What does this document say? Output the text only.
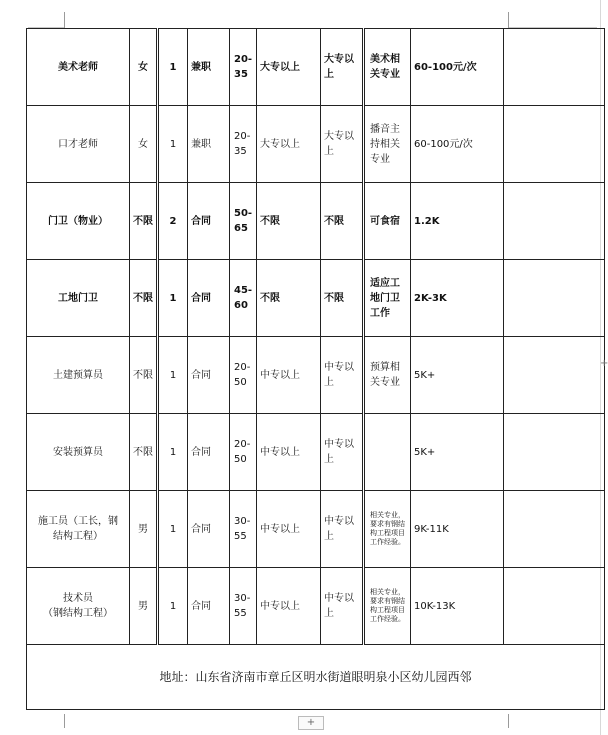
美术老师	女	1	兼职	20-35	大专以上	大专以上	美术相关专业	60-100元/次	
口才老师	女	1	兼职	20-35	大专以上	大专以上	播音主持相关专业	60-100元/次	
门卫（物业）	不限	2	合同	50-65	不限	不限	可食宿	1.2K	
工地门卫	不限	1	合同	45-60	不限	不限	适应工地门卫工作	2K-3K	
土建预算员	不限	1	合同	20-50	中专以上	中专以上	预算相关专业	5K+	
安装预算员	不限	1	合同	20-50	中专以上	中专以上		5K+	

施工员（工长，钢
结构工程）	男	1	合同	30-55	中专以上	中专以上	相关专业，要求有钢结构工程项目工作经验。	9K-11K	

技术员
（钢结构工程）	男	1	合同	30-55	中专以上	中专以上	相关专业，要求有钢结构工程项目工作经验。	10K-13K	
地址：山东省济南市章丘区明水街道眼明泉小区幼儿园西邻									
+
+
